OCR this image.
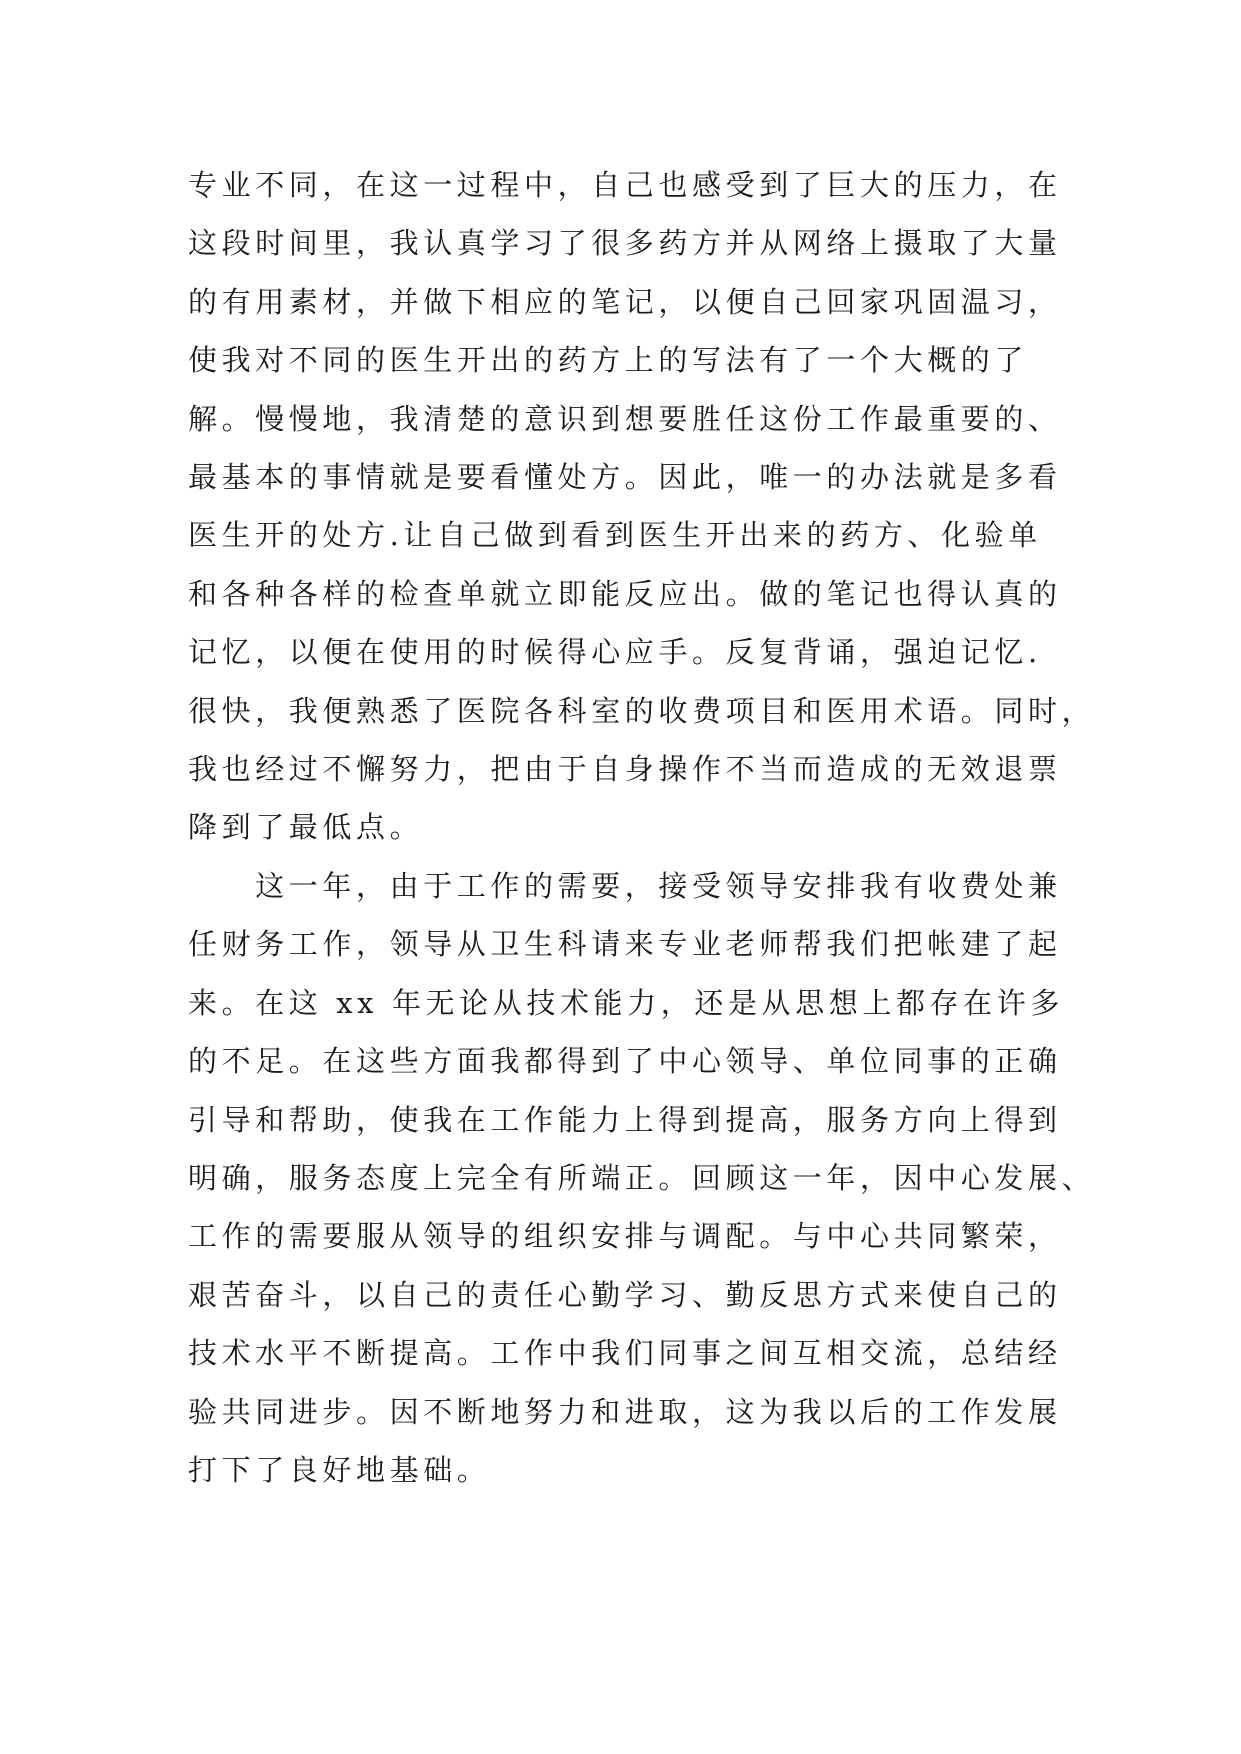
专业不同，在这一过程中，自己也感受到了巨大的压力，在
这段时间里，我认真学习了很多药方并从网络上摄取了大量
的有用素材，并做下相应的笔记，以便自己回家巩固温习，
使我对不同的医生开出的药方上的写法有了一个大概的了
解。慢慢地，我清楚的意识到想要胜任这份工作最重要的、
最基本的事情就是要看懂处方。因此，唯一的办法就是多看
医生开的处方.让自己做到看到医生开出来的药方、化验单
和各种各样的检查单就立即能反应出。做的笔记也得认真的
记忆，以便在使用的时候得心应手。反复背诵，强迫记忆.
很快，我便熟悉了医院各科室的收费项目和医用术语。同时，
我也经过不懈努力，把由于自身操作不当而造成的无效退票
降到了最低点。
　　这一年，由于工作的需要，接受领导安排我有收费处兼
任财务工作，领导从卫生科请来专业老师帮我们把帐建了起
来。在这 xx 年无论从技术能力，还是从思想上都存在许多
的不足。在这些方面我都得到了中心领导、单位同事的正确
引导和帮助，使我在工作能力上得到提高，服务方向上得到
明确，服务态度上完全有所端正。回顾这一年，因中心发展、
工作的需要服从领导的组织安排与调配。与中心共同繁荣，
艰苦奋斗，以自己的责任心勤学习、勤反思方式来使自己的
技术水平不断提高。工作中我们同事之间互相交流，总结经
验共同进步。因不断地努力和进取，这为我以后的工作发展
打下了良好地基础。
